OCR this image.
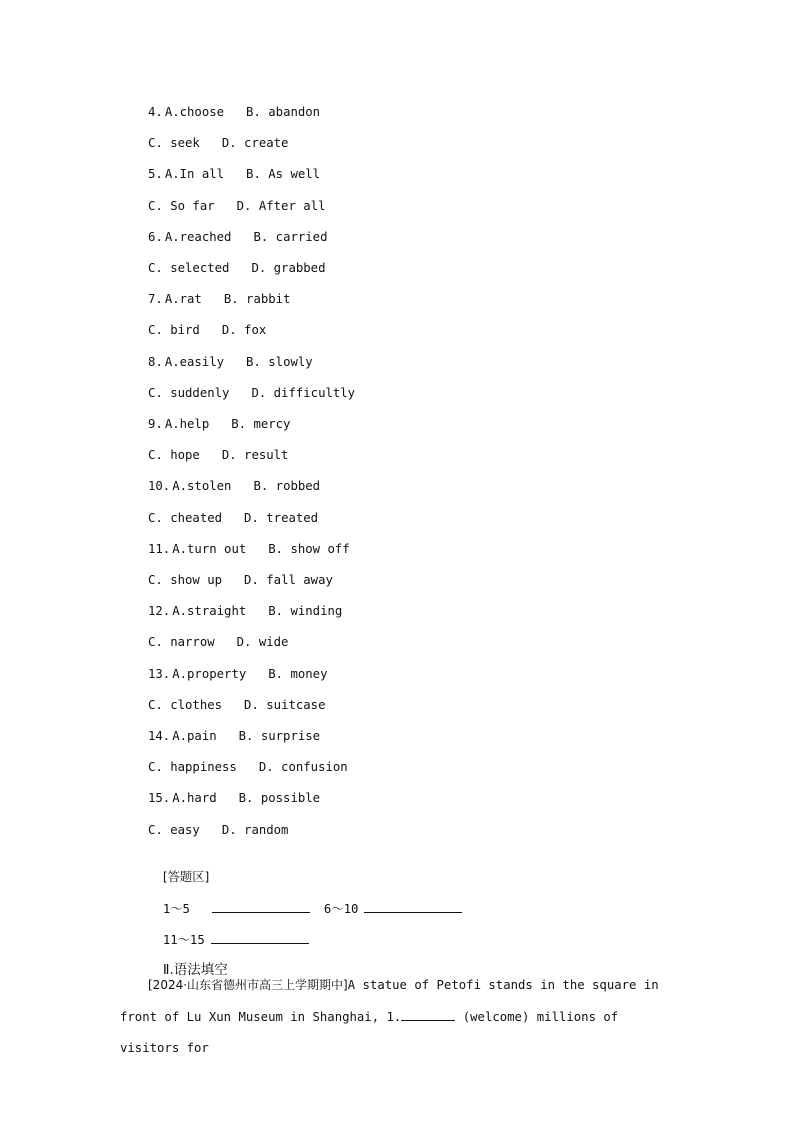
4. A.choose B. abandon
C. seek D. create
5. A.In all B. As well
C. So far D. After all
6. A.reached B. carried
C. selected D. grabbed
7. A.rat B. rabbit
C. bird D. fox
8. A.easily B. slowly
C. suddenly D. difficultly
9. A.help B. mercy
C. hope D. result
10. A.stolen B. robbed
C. cheated D. treated
11. A.turn out B. show off
C. show up D. fall away
12. A.straight B. winding
C. narrow D. wide
13. A.property B. money
C. clothes D. suitcase
14. A.pain B. surprise
C. happiness D. confusion
15. A.hard B. possible
C. easy D. random

[答题区]

1～5	6～10

11～15

Ⅱ.语法填空

[2024·山东省德州市高三上学期期中]A statue of Petofi stands in the square in front of Lu Xun Museum in Shanghai, 1.	(welcome) millions of visitors for
